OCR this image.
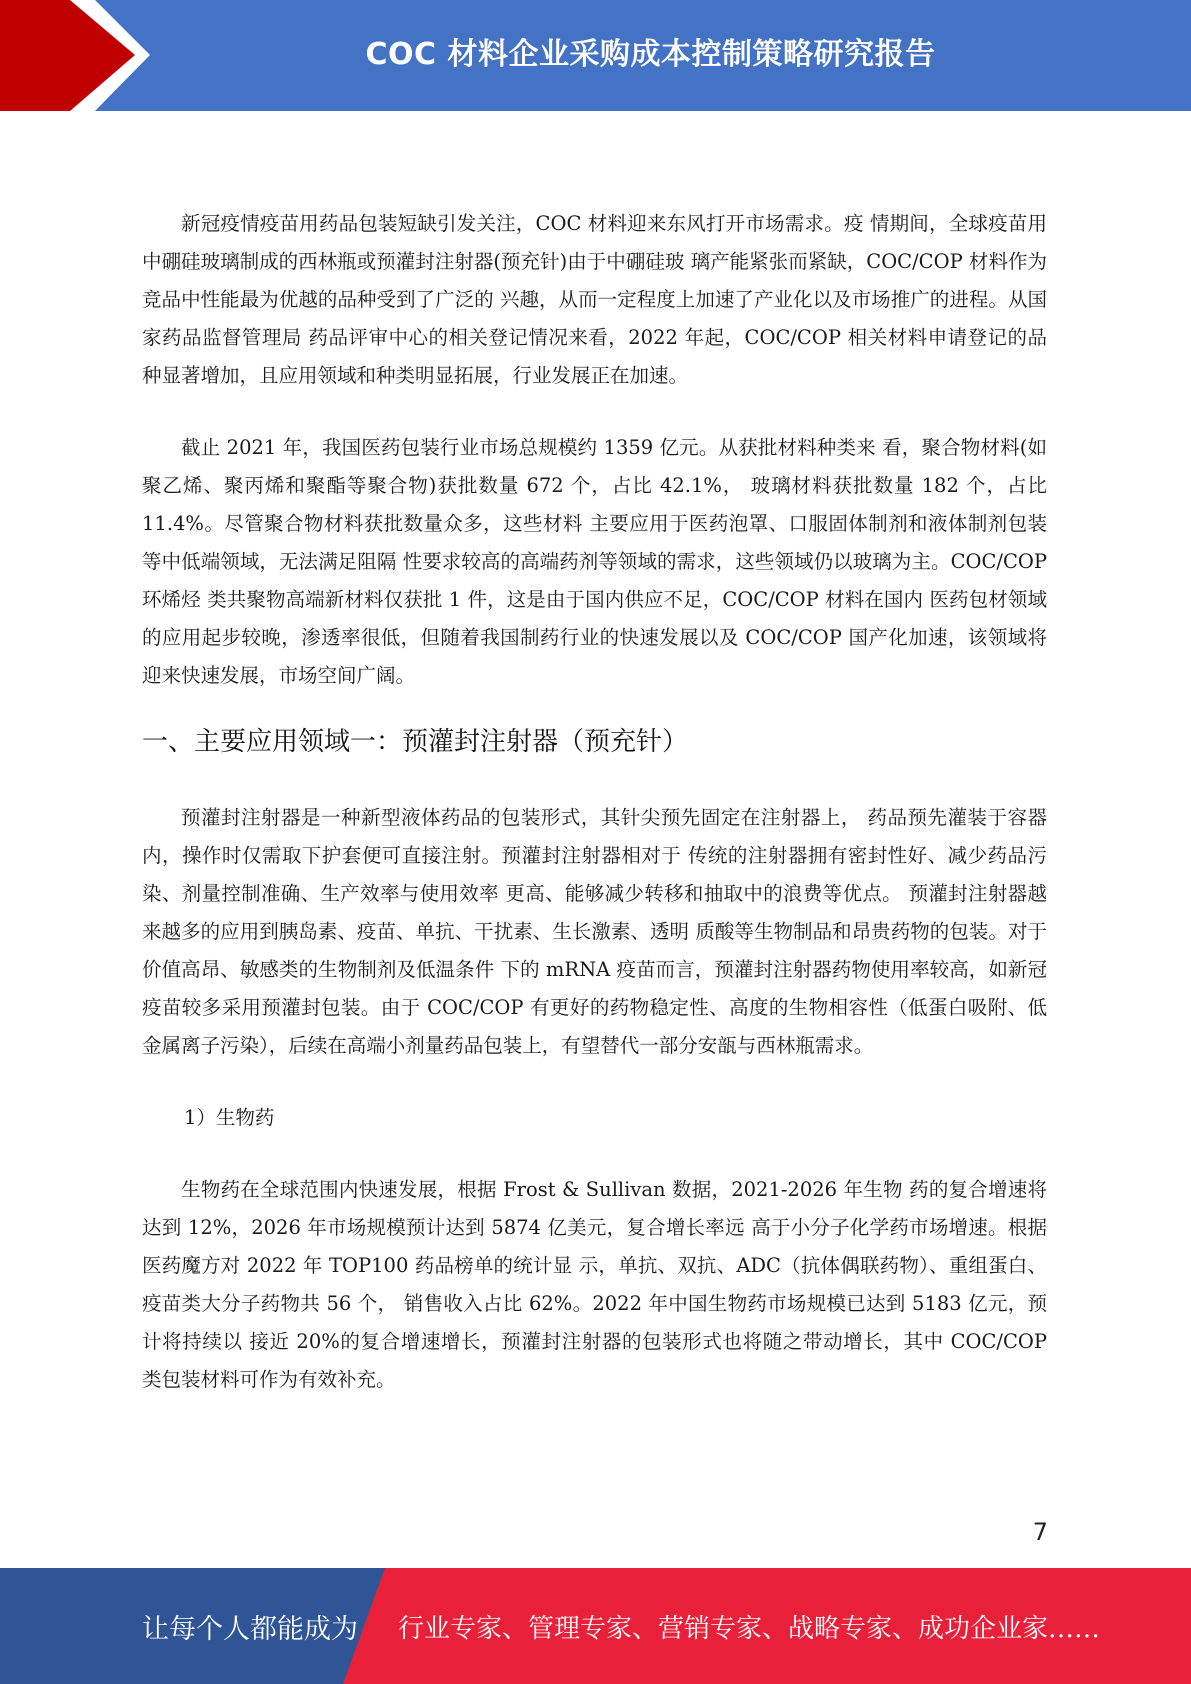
COC 材料企业采购成本控制策略研究报告

新冠疫情疫苗用药品包装短缺引发关注，COC 材料迎来东风打开市场需求。疫 情期间，全球疫苗用中硼硅玻璃制成的西林瓶或预灌封注射器(预充针)由于中硼硅玻 璃产能紧张而紧缺，COC/COP 材料作为竞品中性能最为优越的品种受到了广泛的 兴趣，从而一定程度上加速了产业化以及市场推广的进程。从国家药品监督管理局 药品评审中心的相关登记情况来看，2022 年起，COC/COP 相关材料申请登记的品 种显著增加，且应用领域和种类明显拓展，行业发展正在加速。

截止 2021 年，我国医药包装行业市场总规模约 1359 亿元。从获批材料种类来 看，聚合物材料(如聚乙烯、聚丙烯和聚酯等聚合物)获批数量 672 个，占比 42.1%， 玻璃材料获批数量 182 个，占比 11.4%。尽管聚合物材料获批数量众多，这些材料 主要应用于医药泡罩、口服固体制剂和液体制剂包装等中低端领域，无法满足阻隔 性要求较高的高端药剂等领域的需求，这些领域仍以玻璃为主。COC/COP 环烯烃 类共聚物高端新材料仅获批 1 件，这是由于国内供应不足，COC/COP 材料在国内 医药包材领域的应用起步较晚，渗透率很低，但随着我国制药行业的快速发展以及 COC/COP 国产化加速，该领域将迎来快速发展，市场空间广阔。

一、主要应用领域一：预灌封注射器（预充针）

预灌封注射器是一种新型液体药品的包装形式，其针尖预先固定在注射器上， 药品预先灌装于容器内，操作时仅需取下护套便可直接注射。预灌封注射器相对于 传统的注射器拥有密封性好、减少药品污染、剂量控制准确、生产效率与使用效率 更高、能够减少转移和抽取中的浪费等优点。 预灌封注射器越来越多的应用到胰岛素、疫苗、单抗、干扰素、生长激素、透明 质酸等生物制品和昂贵药物的包装。对于价值高昂、敏感类的生物制剂及低温条件 下的 mRNA 疫苗而言，预灌封注射器药物使用率较高，如新冠疫苗较多采用预灌封包装。由于 COC/COP 有更好的药物稳定性、高度的生物相容性（低蛋白吸附、低 金属离子污染），后续在高端小剂量药品包装上，有望替代一部分安瓿与西林瓶需求。

1）生物药

生物药在全球范围内快速发展，根据 Frost & Sullivan 数据，2021-2026 年生物 药的复合增速将达到 12%，2026 年市场规模预计达到 5874 亿美元，复合增长率远 高于小分子化学药市场增速。根据医药魔方对 2022 年 TOP100 药品榜单的统计显 示，单抗、双抗、ADC（抗体偶联药物）、重组蛋白、疫苗类大分子药物共 56 个， 销售收入占比 62%。2022 年中国生物药市场规模已达到 5183 亿元，预计将持续以 接近 20%的复合增速增长，预灌封注射器的包装形式也将随之带动增长，其中 COC/COP 类包装材料可作为有效补充。

7
让每个人都能成为 行业专家、管理专家、营销专家、战略专家、成功企业家……
